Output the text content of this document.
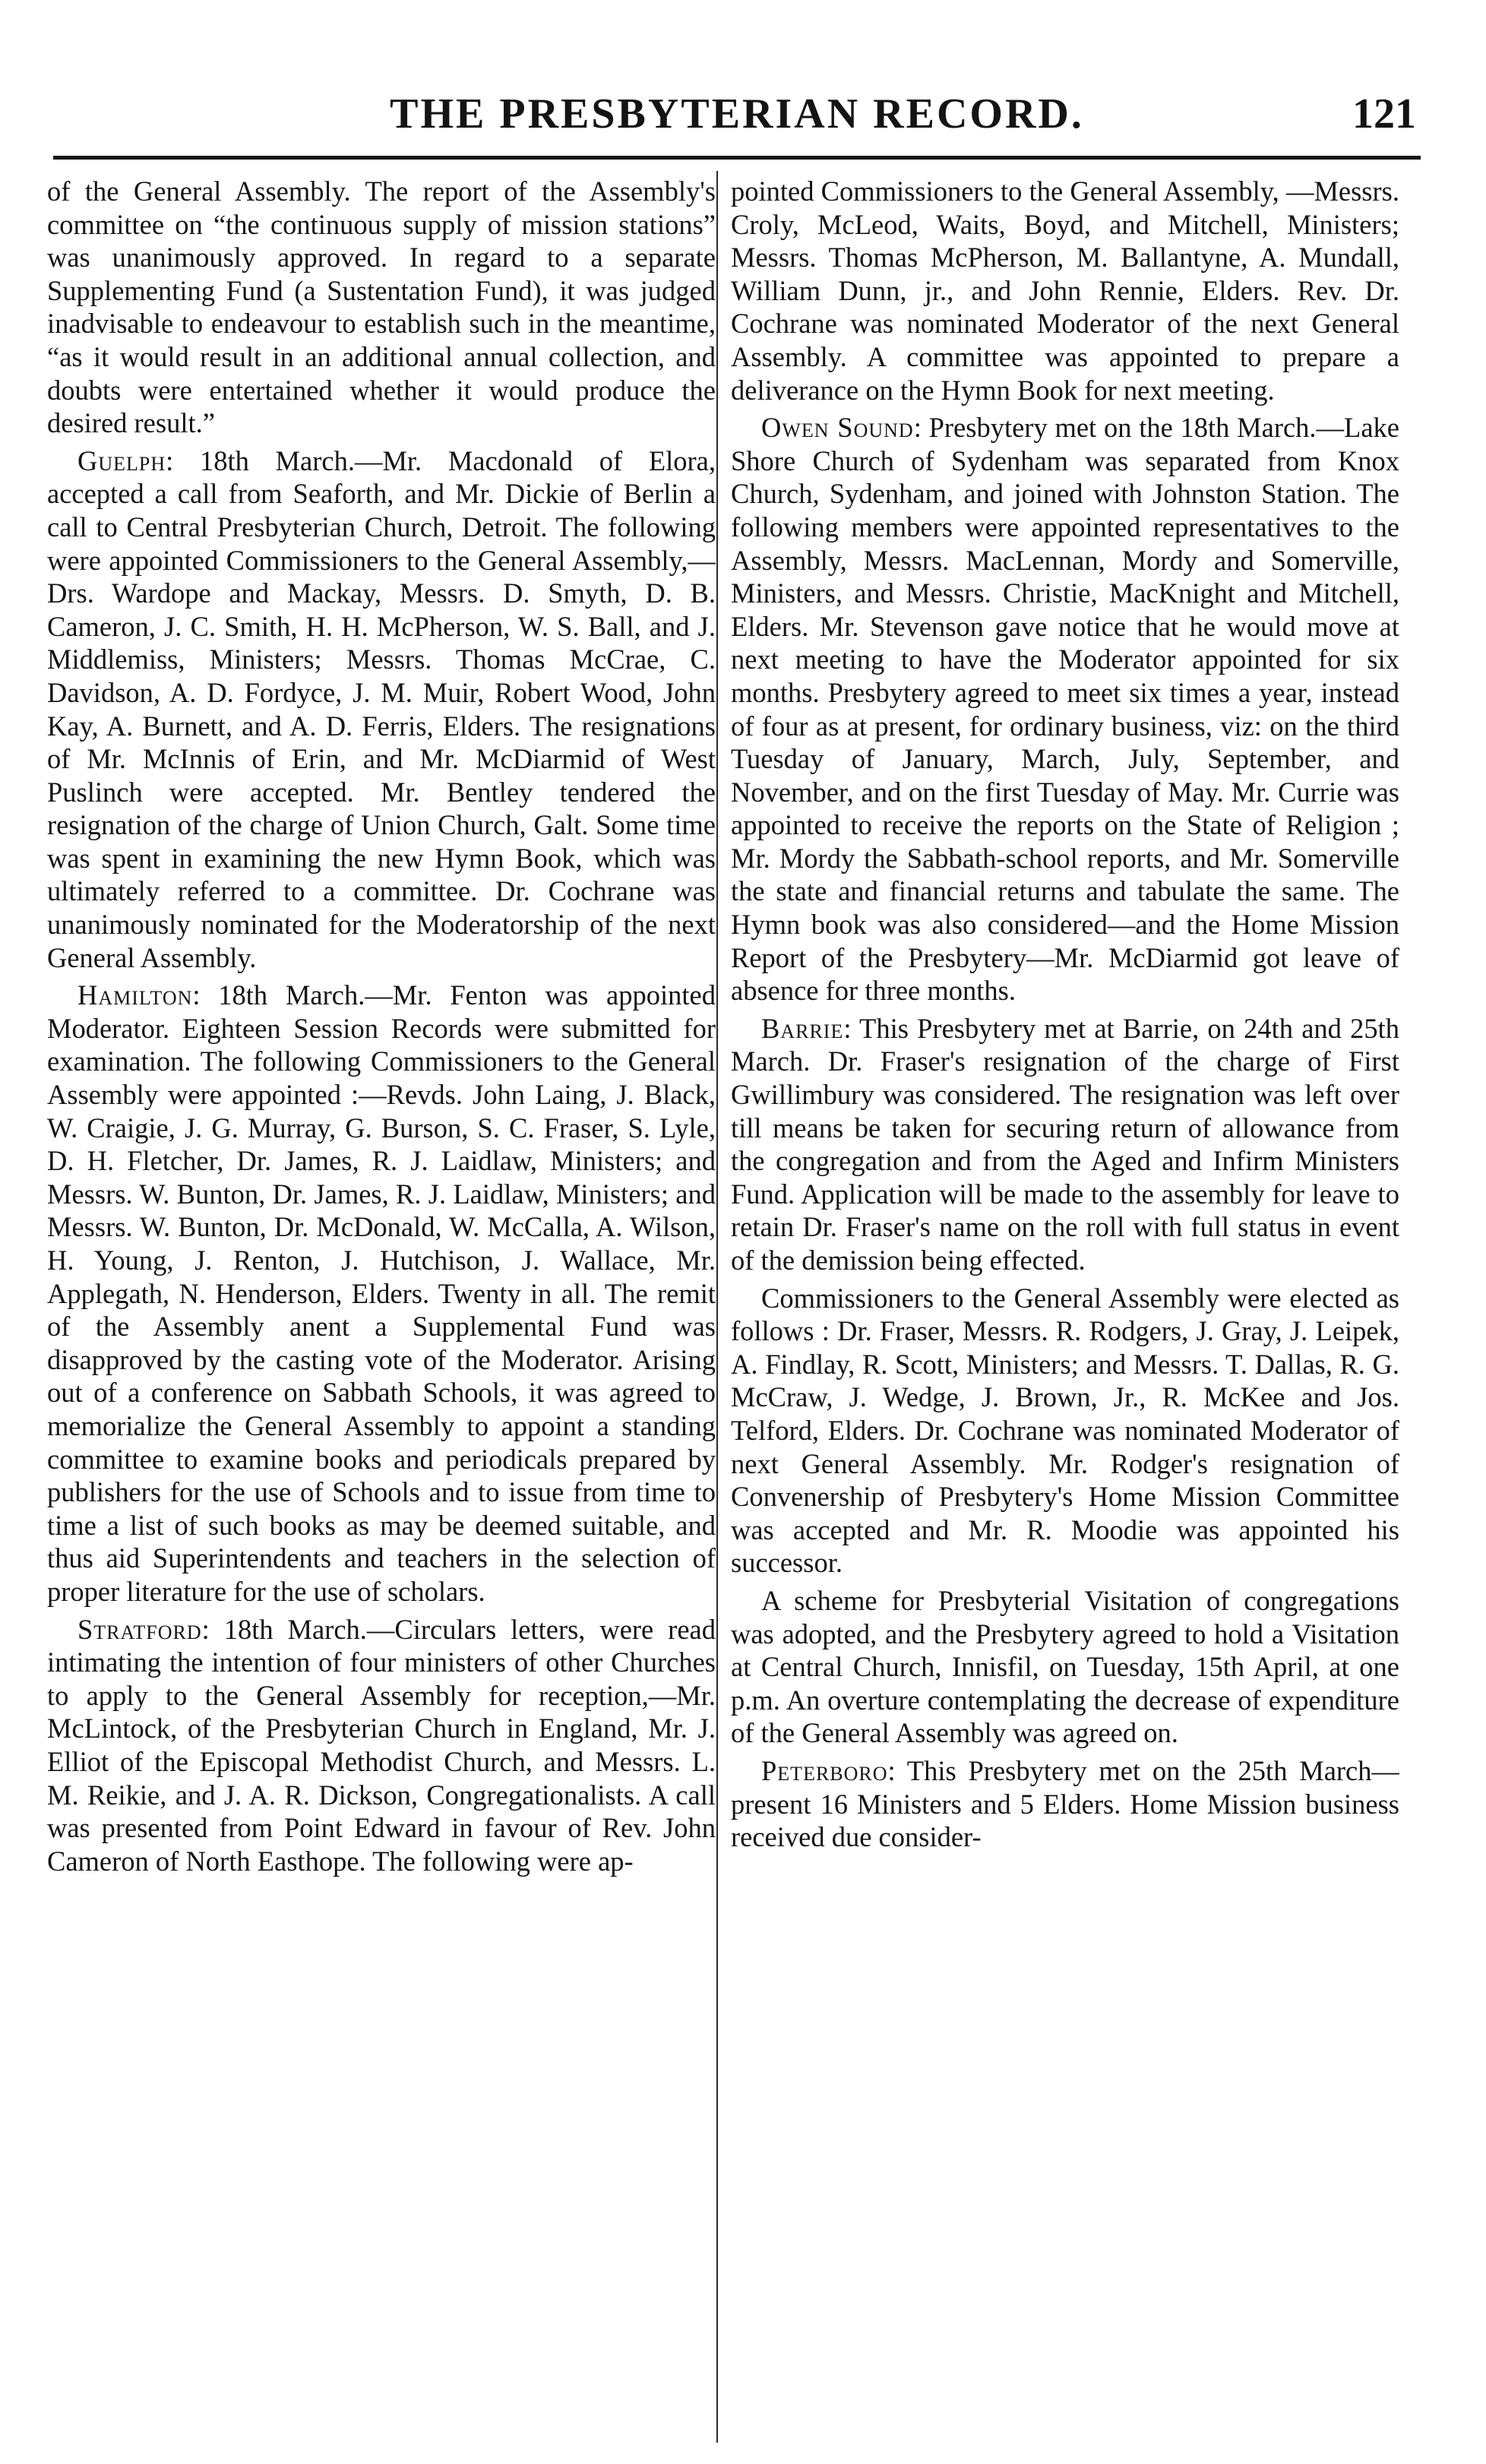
THE PRESBYTERIAN RECORD.	121

of the General Assembly. The report of the Assembly's committee on “the continuous supply of mission stations” was unanimously approved. In regard to a separate Supplementing Fund (a Sustentation Fund), it was judged inadvisable to endeavour to establish such in the meantime, “as it would result in an additional annual collection, and doubts were entertained whether it would produce the desired result.”

Guelph: 18th March.—Mr. Macdonald of Elora, accepted a call from Seaforth, and Mr. Dickie of Berlin a call to Central Presbyterian Church, Detroit. The following were appointed Commissioners to the General Assembly,—Drs. Wardope and Mackay, Messrs. D. Smyth, D. B. Cameron, J. C. Smith, H. H. McPherson, W. S. Ball, and J. Middlemiss, Ministers; Messrs. Thomas McCrae, C. Davidson, A. D. Fordyce, J. M. Muir, Robert Wood, John Kay, A. Burnett, and A. D. Ferris, Elders. The resignations of Mr. McInnis of Erin, and Mr. McDiarmid of West Puslinch were accepted. Mr. Bentley tendered the resignation of the charge of Union Church, Galt. Some time was spent in examining the new Hymn Book, which was ultimately referred to a committee. Dr. Cochrane was unanimously nominated for the Moderatorship of the next General Assembly.

Hamilton: 18th March.—Mr. Fenton was appointed Moderator. Eighteen Session Records were submitted for examination. The following Commissioners to the General Assembly were appointed :—Revds. John Laing, J. Black, W. Craigie, J. G. Murray, G. Burson, S. C. Fraser, S. Lyle, D. H. Fletcher, Dr. James, R. J. Laidlaw, Ministers; and Messrs. W. Bunton, Dr. James, R. J. Laidlaw, Ministers; and Messrs. W. Bunton, Dr. McDonald, W. McCalla, A. Wilson, H. Young, J. Renton, J. Hutchison, J. Wallace, Mr. Applegath, N. Henderson, Elders. Twenty in all. The remit of the Assembly anent a Supplemental Fund was disapproved by the casting vote of the Moderator. Arising out of a conference on Sabbath Schools, it was agreed to memorialize the General Assembly to appoint a standing committee to examine books and periodicals prepared by publishers for the use of Schools and to issue from time to time a list of such books as may be deemed suitable, and thus aid Superintendents and teachers in the selection of proper literature for the use of scholars.

Stratford: 18th March.—Circulars letters, were read intimating the intention of four ministers of other Churches to apply to the General Assembly for reception,—Mr. McLintock, of the Presbyterian Church in England, Mr. J. Elliot of the Episcopal Methodist Church, and Messrs. L. M. Reikie, and J. A. R. Dickson, Congregationalists. A call was presented from Point Edward in favour of Rev. John Cameron of North Easthope. The following were ap-

pointed Commissioners to the General Assembly, —Messrs. Croly, McLeod, Waits, Boyd, and Mitchell, Ministers; Messrs. Thomas McPherson, M. Ballantyne, A. Mundall, William Dunn, jr., and John Rennie, Elders. Rev. Dr. Cochrane was nominated Moderator of the next General Assembly. A committee was appointed to prepare a deliverance on the Hymn Book for next meeting.

Owen Sound: Presbytery met on the 18th March.—Lake Shore Church of Sydenham was separated from Knox Church, Sydenham, and joined with Johnston Station. The following members were appointed representatives to the Assembly, Messrs. MacLennan, Mordy and Somerville, Ministers, and Messrs. Christie, MacKnight and Mitchell, Elders. Mr. Stevenson gave notice that he would move at next meeting to have the Moderator appointed for six months. Presbytery agreed to meet six times a year, instead of four as at present, for ordinary business, viz: on the third Tuesday of January, March, July, September, and November, and on the first Tuesday of May. Mr. Currie was appointed to receive the reports on the State of Religion ; Mr. Mordy the Sabbath-school reports, and Mr. Somerville the state and financial returns and tabulate the same. The Hymn book was also considered—and the Home Mission Report of the Presbytery—Mr. McDiarmid got leave of absence for three months.

Barrie: This Presbytery met at Barrie, on 24th and 25th March. Dr. Fraser's resignation of the charge of First Gwillimbury was considered. The resignation was left over till means be taken for securing return of allowance from the congregation and from the Aged and Infirm Ministers Fund. Application will be made to the assembly for leave to retain Dr. Fraser's name on the roll with full status in event of the demission being effected.

Commissioners to the General Assembly were elected as follows : Dr. Fraser, Messrs. R. Rodgers, J. Gray, J. Leipek, A. Findlay, R. Scott, Ministers; and Messrs. T. Dallas, R. G. McCraw, J. Wedge, J. Brown, Jr., R. McKee and Jos. Telford, Elders. Dr. Cochrane was nominated Moderator of next General Assembly. Mr. Rodger's resignation of Convenership of Presbytery's Home Mission Committee was accepted and Mr. R. Moodie was appointed his successor.

A scheme for Presbyterial Visitation of congregations was adopted, and the Presbytery agreed to hold a Visitation at Central Church, Innisfil, on Tuesday, 15th April, at one p.m. An overture contemplating the decrease of expenditure of the General Assembly was agreed on.

Peterboro: This Presbytery met on the 25th March—present 16 Ministers and 5 Elders. Home Mission business received due consider-
